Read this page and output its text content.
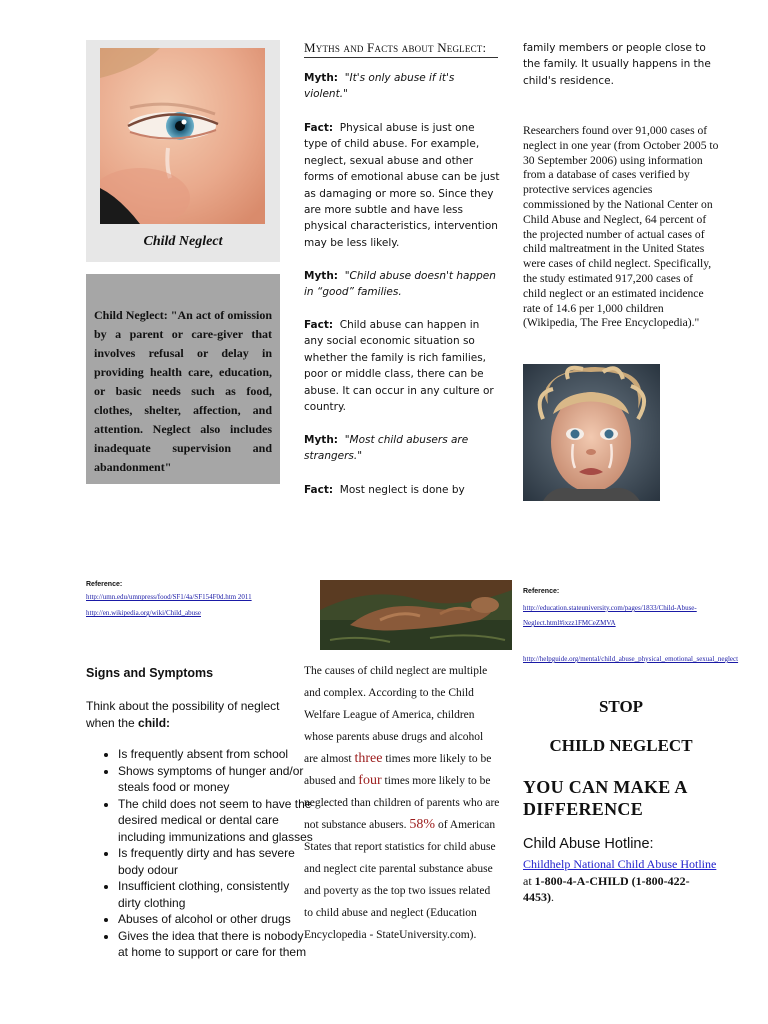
Child Neglect
Child Neglect: "An act of omission by a parent or care-giver that involves refusal or delay in providing health care, education, or basic needs such as food, clothes, shelter, affection, and attention. Neglect also includes inadequate supervision and abandonment"
Myths and Facts about Neglect:
Myth: "It's only abuse if it's violent."
Fact: Physical abuse is just one type of child abuse. For example, neglect, sexual abuse and other forms of emotional abuse can be just as damaging or more so. Since they are more subtle and have less physical characteristics, intervention may be less likely.
Myth: "Child abuse doesn't happen in “good” families.
Fact: Child abuse can happen in any social economic situation so whether the family is rich families, poor or middle class, there can be abuse. It can occur in any culture or country.
Myth: "Most child abusers are strangers."
Fact: Most neglect is done by
family members or people close to the family. It usually happens in the child's residence.
Researchers found over 91,000 cases of neglect in one year (from October 2005 to 30 September 2006) using information from a database of cases verified by protective services agencies commissioned by the National Center on Child Abuse and Neglect, 64 percent of the projected number of actual cases of child maltreatment in the United States were cases of child neglect. Specifically, the study estimated 917,200 cases of child neglect or an estimated incidence rate of 14.6 per 1,000 children (Wikipedia, The Free Encyclopedia)."
Reference:
http://umn.edu/umnpress/food/SF1/4a/SF154F0d.htm 2011
http://en.wikipedia.org/wiki/Child_abuse
Reference:
http://education.stateuniversity.com/pages/1833/Child-Abuse-Neglect.html#ixzz1FMCeZMVA
http://helpguide.org/mental/child_abuse_physical_emotional_sexual_neglect
Signs and Symptoms
Think about the possibility of neglect when the child:
• Is frequently absent from school
• Shows symptoms of hunger and/or steals food or money
• The child does not seem to have the desired medical or dental care including immunizations and glasses
• Is frequently dirty and has severe body odour
• Insufficient clothing, consistently dirty clothing
• Abuses of alcohol or other drugs
• Gives the idea that there is nobody at home to support or care for them
The causes of child neglect are multiple and complex. According to the Child Welfare League of America, children whose parents abuse drugs and alcohol are almost three times more likely to be abused and four times more likely to be neglected than children of parents who are not substance abusers. 58% of American States that report statistics for child abuse and neglect cite parental substance abuse and poverty as the top two issues related to child abuse and neglect (Education Encyclopedia - StateUniversity.com).
STOP
CHILD NEGLECT
YOU CAN MAKE A DIFFERENCE
Child Abuse Hotline:
Childhelp National Child Abuse Hotline at 1-800-4-A-CHILD (1-800-422-4453).
